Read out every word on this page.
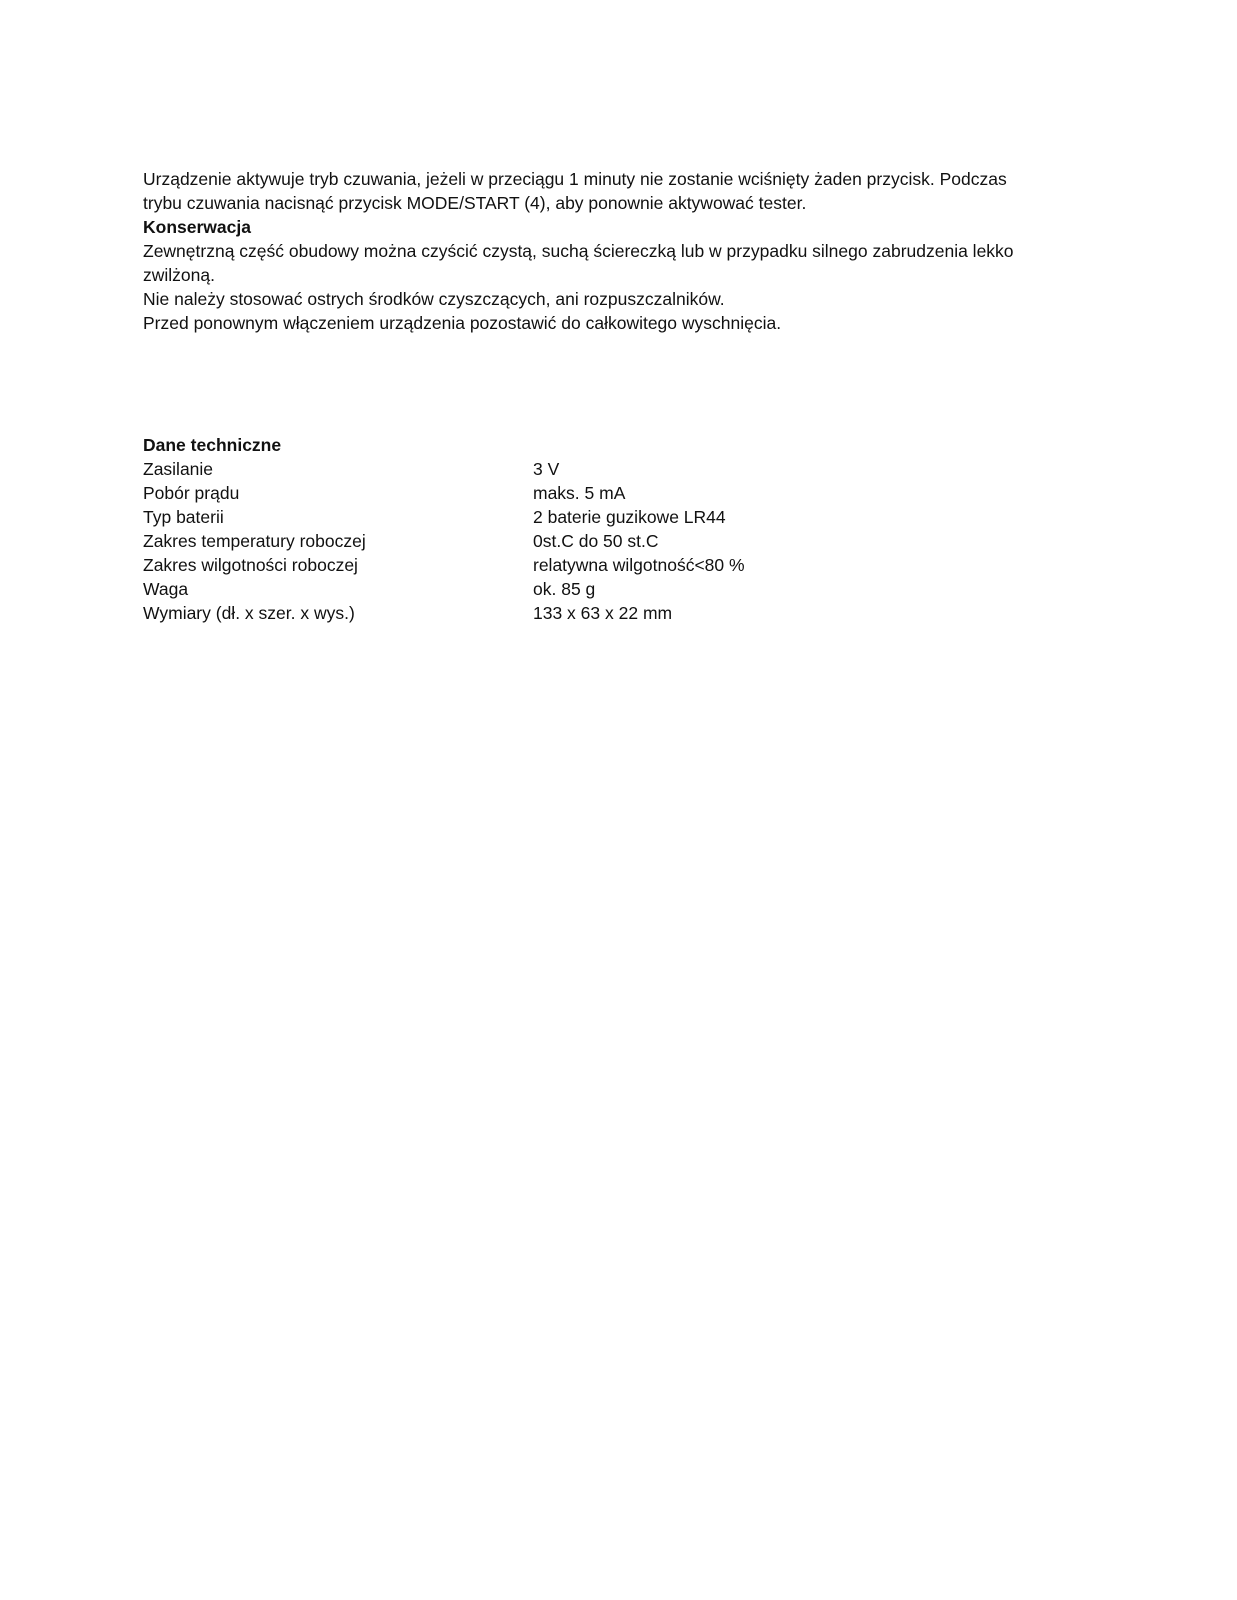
Urządzenie aktywuje tryb czuwania, jeżeli w przeciągu 1 minuty nie zostanie wciśnięty żaden przycisk. Podczas
trybu czuwania nacisnąć przycisk MODE/START (4), aby ponownie aktywować tester.
Konserwacja
Zewnętrzną część obudowy można czyścić czystą, suchą ściereczką lub w przypadku silnego zabrudzenia lekko
zwilżoną.
Nie należy stosować ostrych środków czyszczących, ani rozpuszczalników.
Przed ponownym włączeniem urządzenia pozostawić do całkowitego wyschnięcia.
Dane techniczne
Zasilanie	3 V
Pobór prądu	maks. 5 mA
Typ baterii	2 baterie guzikowe LR44
Zakres temperatury roboczej	0st.C do 50 st.C
Zakres wilgotności roboczej	relatywna wilgotność<80 %
Waga	ok. 85 g
Wymiary (dł. x szer. x wys.)	133 x 63 x 22 mm
